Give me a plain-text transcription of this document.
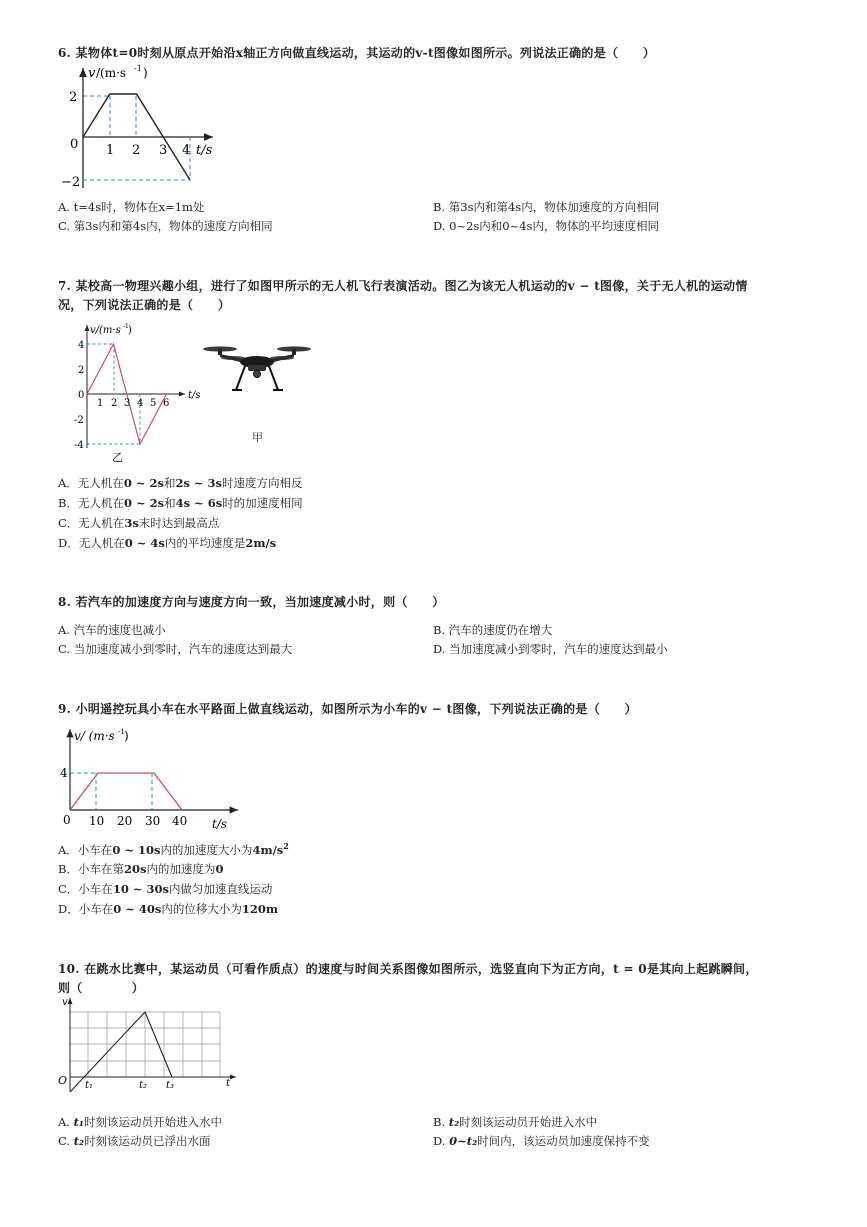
6. 某物体t=0时刻从原点开始沿x轴正方向做直线运动，其运动的v-t图像如图所示。列说法正确的是（　　）
v /(m·s -1 )
2
0
−2
1 2 3 4 t/s
A. t=4s时，物体在x=1m处	B. 第3s内和第4s内，物体加速度的方向相同
C. 第3s内和第4s内，物体的速度方向相同	D. 0~2s内和0~4s内，物体的平均速度相同
7. 某校高一物理兴趣小组，进行了如图甲所示的无人机飞行表演活动。图乙为该无人机运动的v − t图像，关于无人机的运动情
况，下列说法正确的是（　　）
v/(m·s -1 )
4
2
0
-2
-4
1 2 3 4 5 6
t/s
乙
甲
A．无人机在0 ~ 2s和2s ~ 3s时速度方向相反
B．无人机在0 ~ 2s和4s ~ 6s时的加速度相同
C．无人机在3s末时达到最高点
D．无人机在0 ~ 4s内的平均速度是2m/s
8. 若汽车的加速度方向与速度方向一致，当加速度减小时，则（　　）
A. 汽车的速度也减小	B. 汽车的速度仍在增大
C. 当加速度减小到零时，汽车的速度达到最大	D. 当加速度减小到零时，汽车的速度达到最小
9. 小明遥控玩具小车在水平路面上做直线运动，如图所示为小车的v − t图像，下列说法正确的是（　　）
v/ (m·s -1 )
4
0 10 20 30 40 t/s
A．小车在0 ~ 10s内的加速度大小为$4m/s^2$
B．小车在第20s内的加速度为0
C．小车在10 ~ 30s内做匀加速直线运动
D．小车在0 ~ 40s内的位移大小为120m
10. 在跳水比赛中，某运动员（可看作质点）的速度与时间关系图像如图所示，选竖直向下为正方向，t = 0是其向上起跳瞬间，
则（　　　　）
v
O t₁	t₂ t₃	t
A. t₁时刻该运动员开始进入水中	B. t₂时刻该运动员开始进入水中
C. t₂时刻该运动员已浮出水面	D. 0~t₂时间内，该运动员加速度保持不变
